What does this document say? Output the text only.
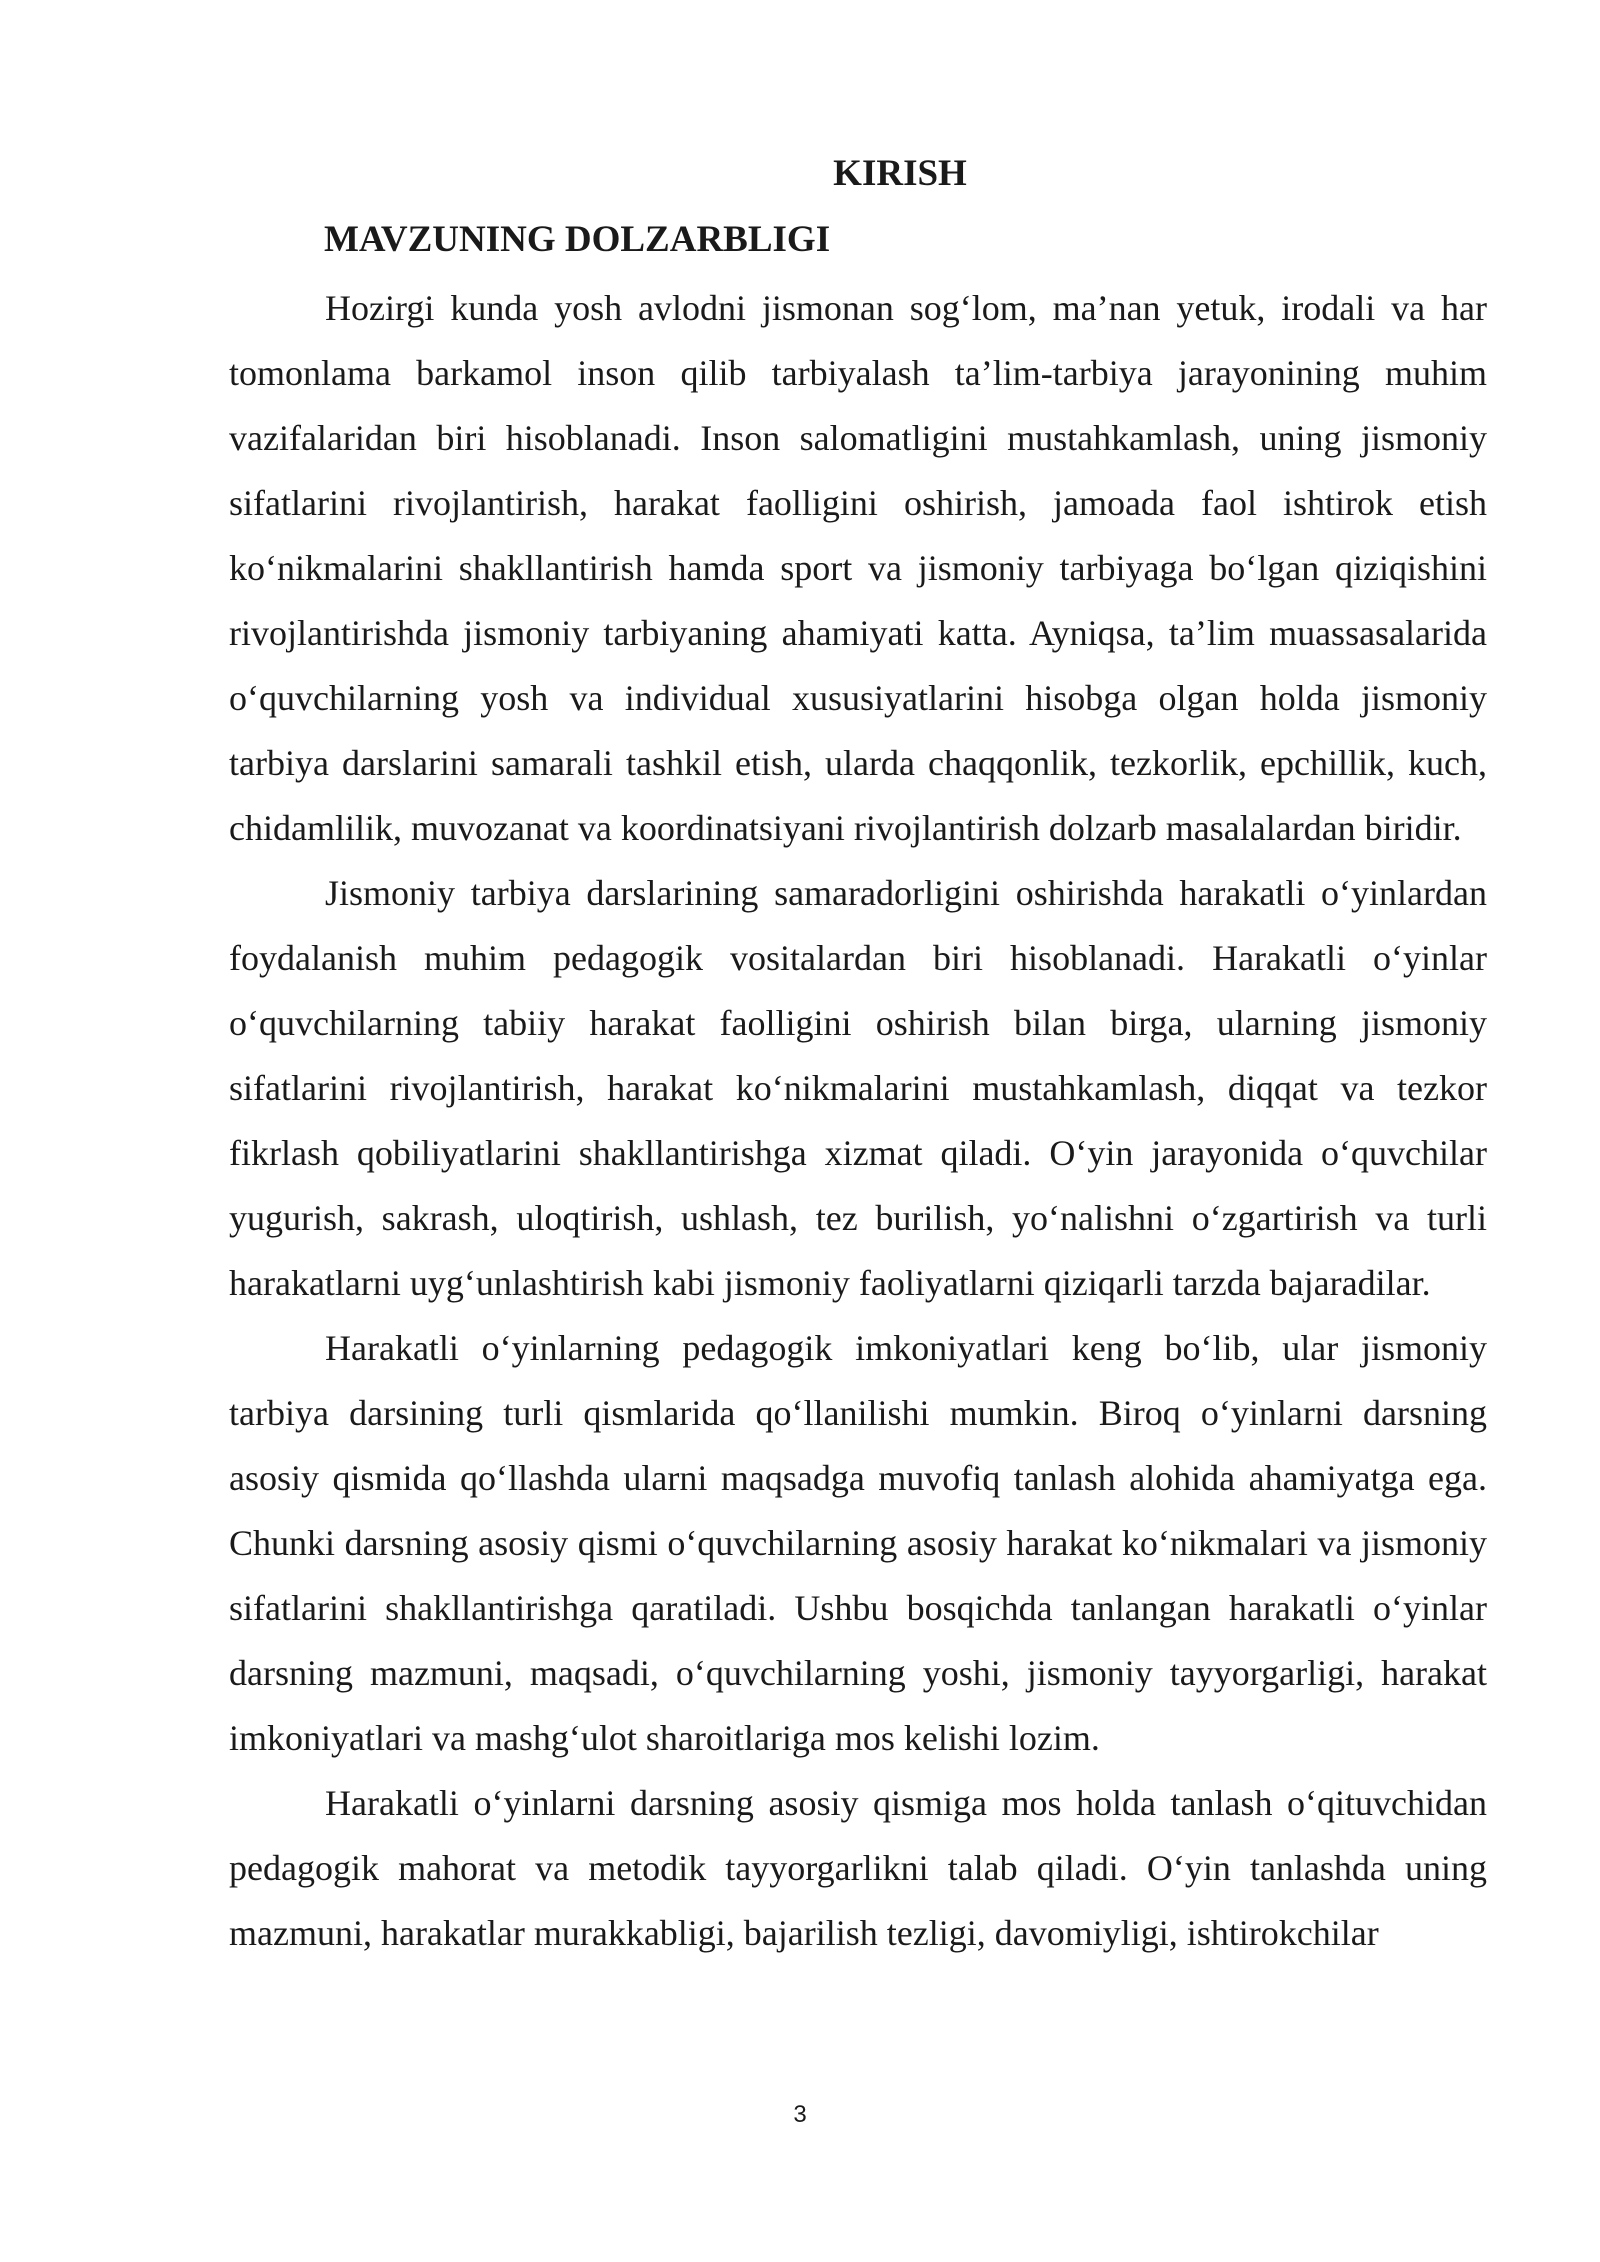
KIRISH
MAVZUNING DOLZARBLIGI

Hozirgi kunda yosh avlodni jismonan sog‘lom, ma’nan yetuk, irodali va har tomonlama barkamol inson qilib tarbiyalash ta’lim-tarbiya jarayonining muhim vazifalaridan biri hisoblanadi. Inson salomatligini mustahkamlash, uning jismoniy sifatlarini rivojlantirish, harakat faolligini oshirish, jamoada faol ishtirok etish ko‘nikmalarini shakllantirish hamda sport va jismoniy tarbiyaga bo‘lgan qiziqishini rivojlantirishda jismoniy tarbiyaning ahamiyati katta. Ayniqsa, ta’lim muassasalarida o‘quvchilarning yosh va individual xususiyatlarini hisobga olgan holda jismoniy tarbiya darslarini samarali tashkil etish, ularda chaqqonlik, tezkorlik, epchillik, kuch, chidamlilik, muvozanat va koordinatsiyani rivojlantirish dolzarb masalalardan biridir.

Jismoniy tarbiya darslarining samaradorligini oshirishda harakatli o‘yinlardan foydalanish muhim pedagogik vositalardan biri hisoblanadi. Harakatli o‘yinlar o‘quvchilarning tabiiy harakat faolligini oshirish bilan birga, ularning jismoniy sifatlarini rivojlantirish, harakat ko‘nikmalarini mustahkamlash, diqqat va tezkor fikrlash qobiliyatlarini shakllantirishga xizmat qiladi. O‘yin jarayonida o‘quvchilar yugurish, sakrash, uloqtirish, ushlash, tez burilish, yo‘nalishni o‘zgartirish va turli harakatlarni uyg‘unlashtirish kabi jismoniy faoliyatlarni qiziqarli tarzda bajaradilar.

Harakatli o‘yinlarning pedagogik imkoniyatlari keng bo‘lib, ular jismoniy tarbiya darsining turli qismlarida qo‘llanilishi mumkin. Biroq o‘yinlarni darsning asosiy qismida qo‘llashda ularni maqsadga muvofiq tanlash alohida ahamiyatga ega. Chunki darsning asosiy qismi o‘quvchilarning asosiy harakat ko‘nikmalari va jismoniy sifatlarini shakllantirishga qaratiladi. Ushbu bosqichda tanlangan harakatli o‘yinlar darsning mazmuni, maqsadi, o‘quvchilarning yoshi, jismoniy tayyorgarligi, harakat imkoniyatlari va mashg‘ulot sharoitlariga mos kelishi lozim.

Harakatli o‘yinlarni darsning asosiy qismiga mos holda tanlash o‘qituvchidan pedagogik mahorat va metodik tayyorgarlikni talab qiladi. O‘yin tanlashda uning mazmuni, harakatlar murakkabligi, bajarilish tezligi, davomiyligi, ishtirokchilar

3
